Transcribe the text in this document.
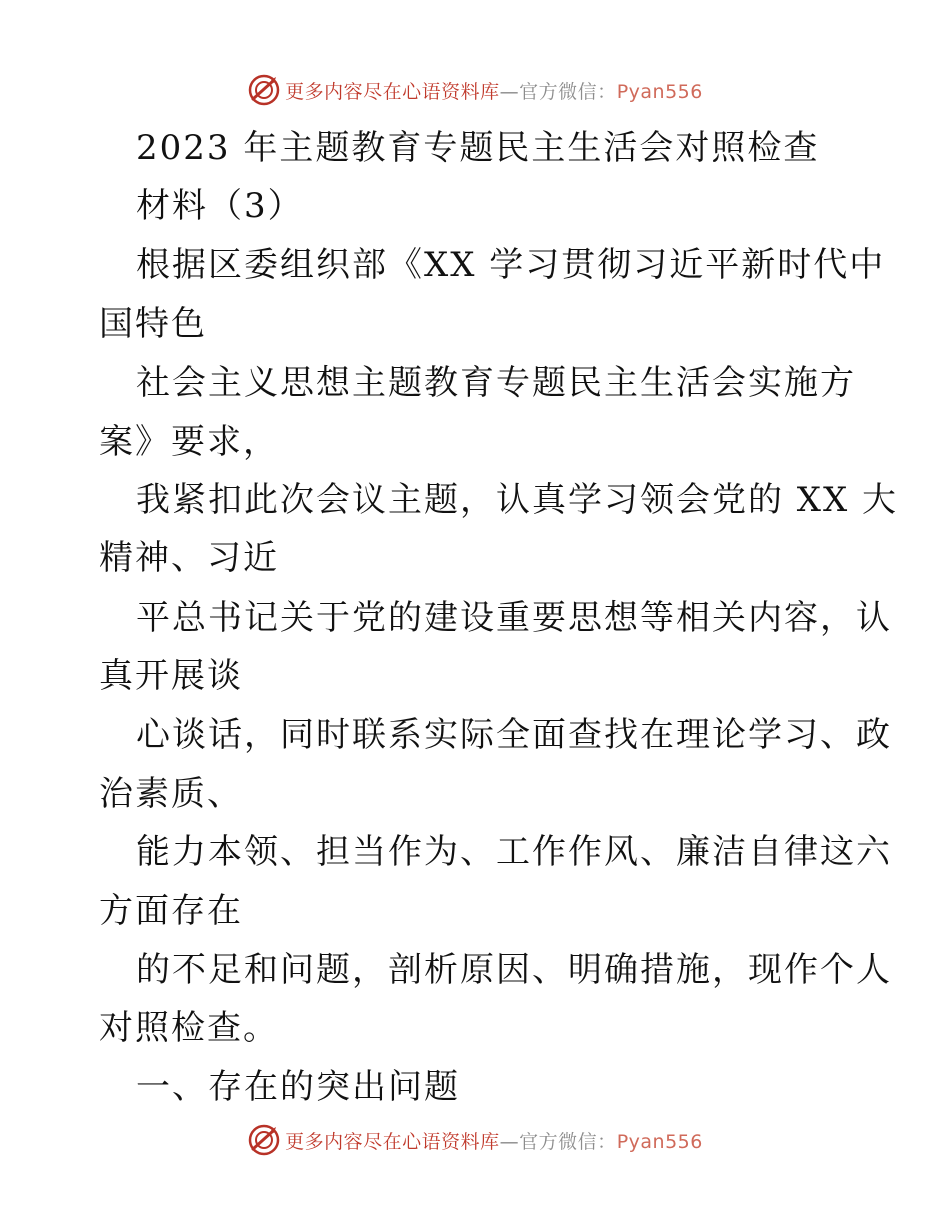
更多内容尽在心语资料库—官方微信：Pyan556
2023 年主题教育专题民主生活会对照检查
材料（3）
根据区委组织部《XX 学习贯彻习近平新时代中
国特色
社会主义思想主题教育专题民主生活会实施方
案》要求，
我紧扣此次会议主题，认真学习领会党的 XX 大
精神、习近
平总书记关于党的建设重要思想等相关内容，认
真开展谈
心谈话，同时联系实际全面查找在理论学习、政
治素质、
能力本领、担当作为、工作作风、廉洁自律这六
方面存在
的不足和问题，剖析原因、明确措施，现作个人
对照检查。
一、存在的突出问题
更多内容尽在心语资料库—官方微信：Pyan556
